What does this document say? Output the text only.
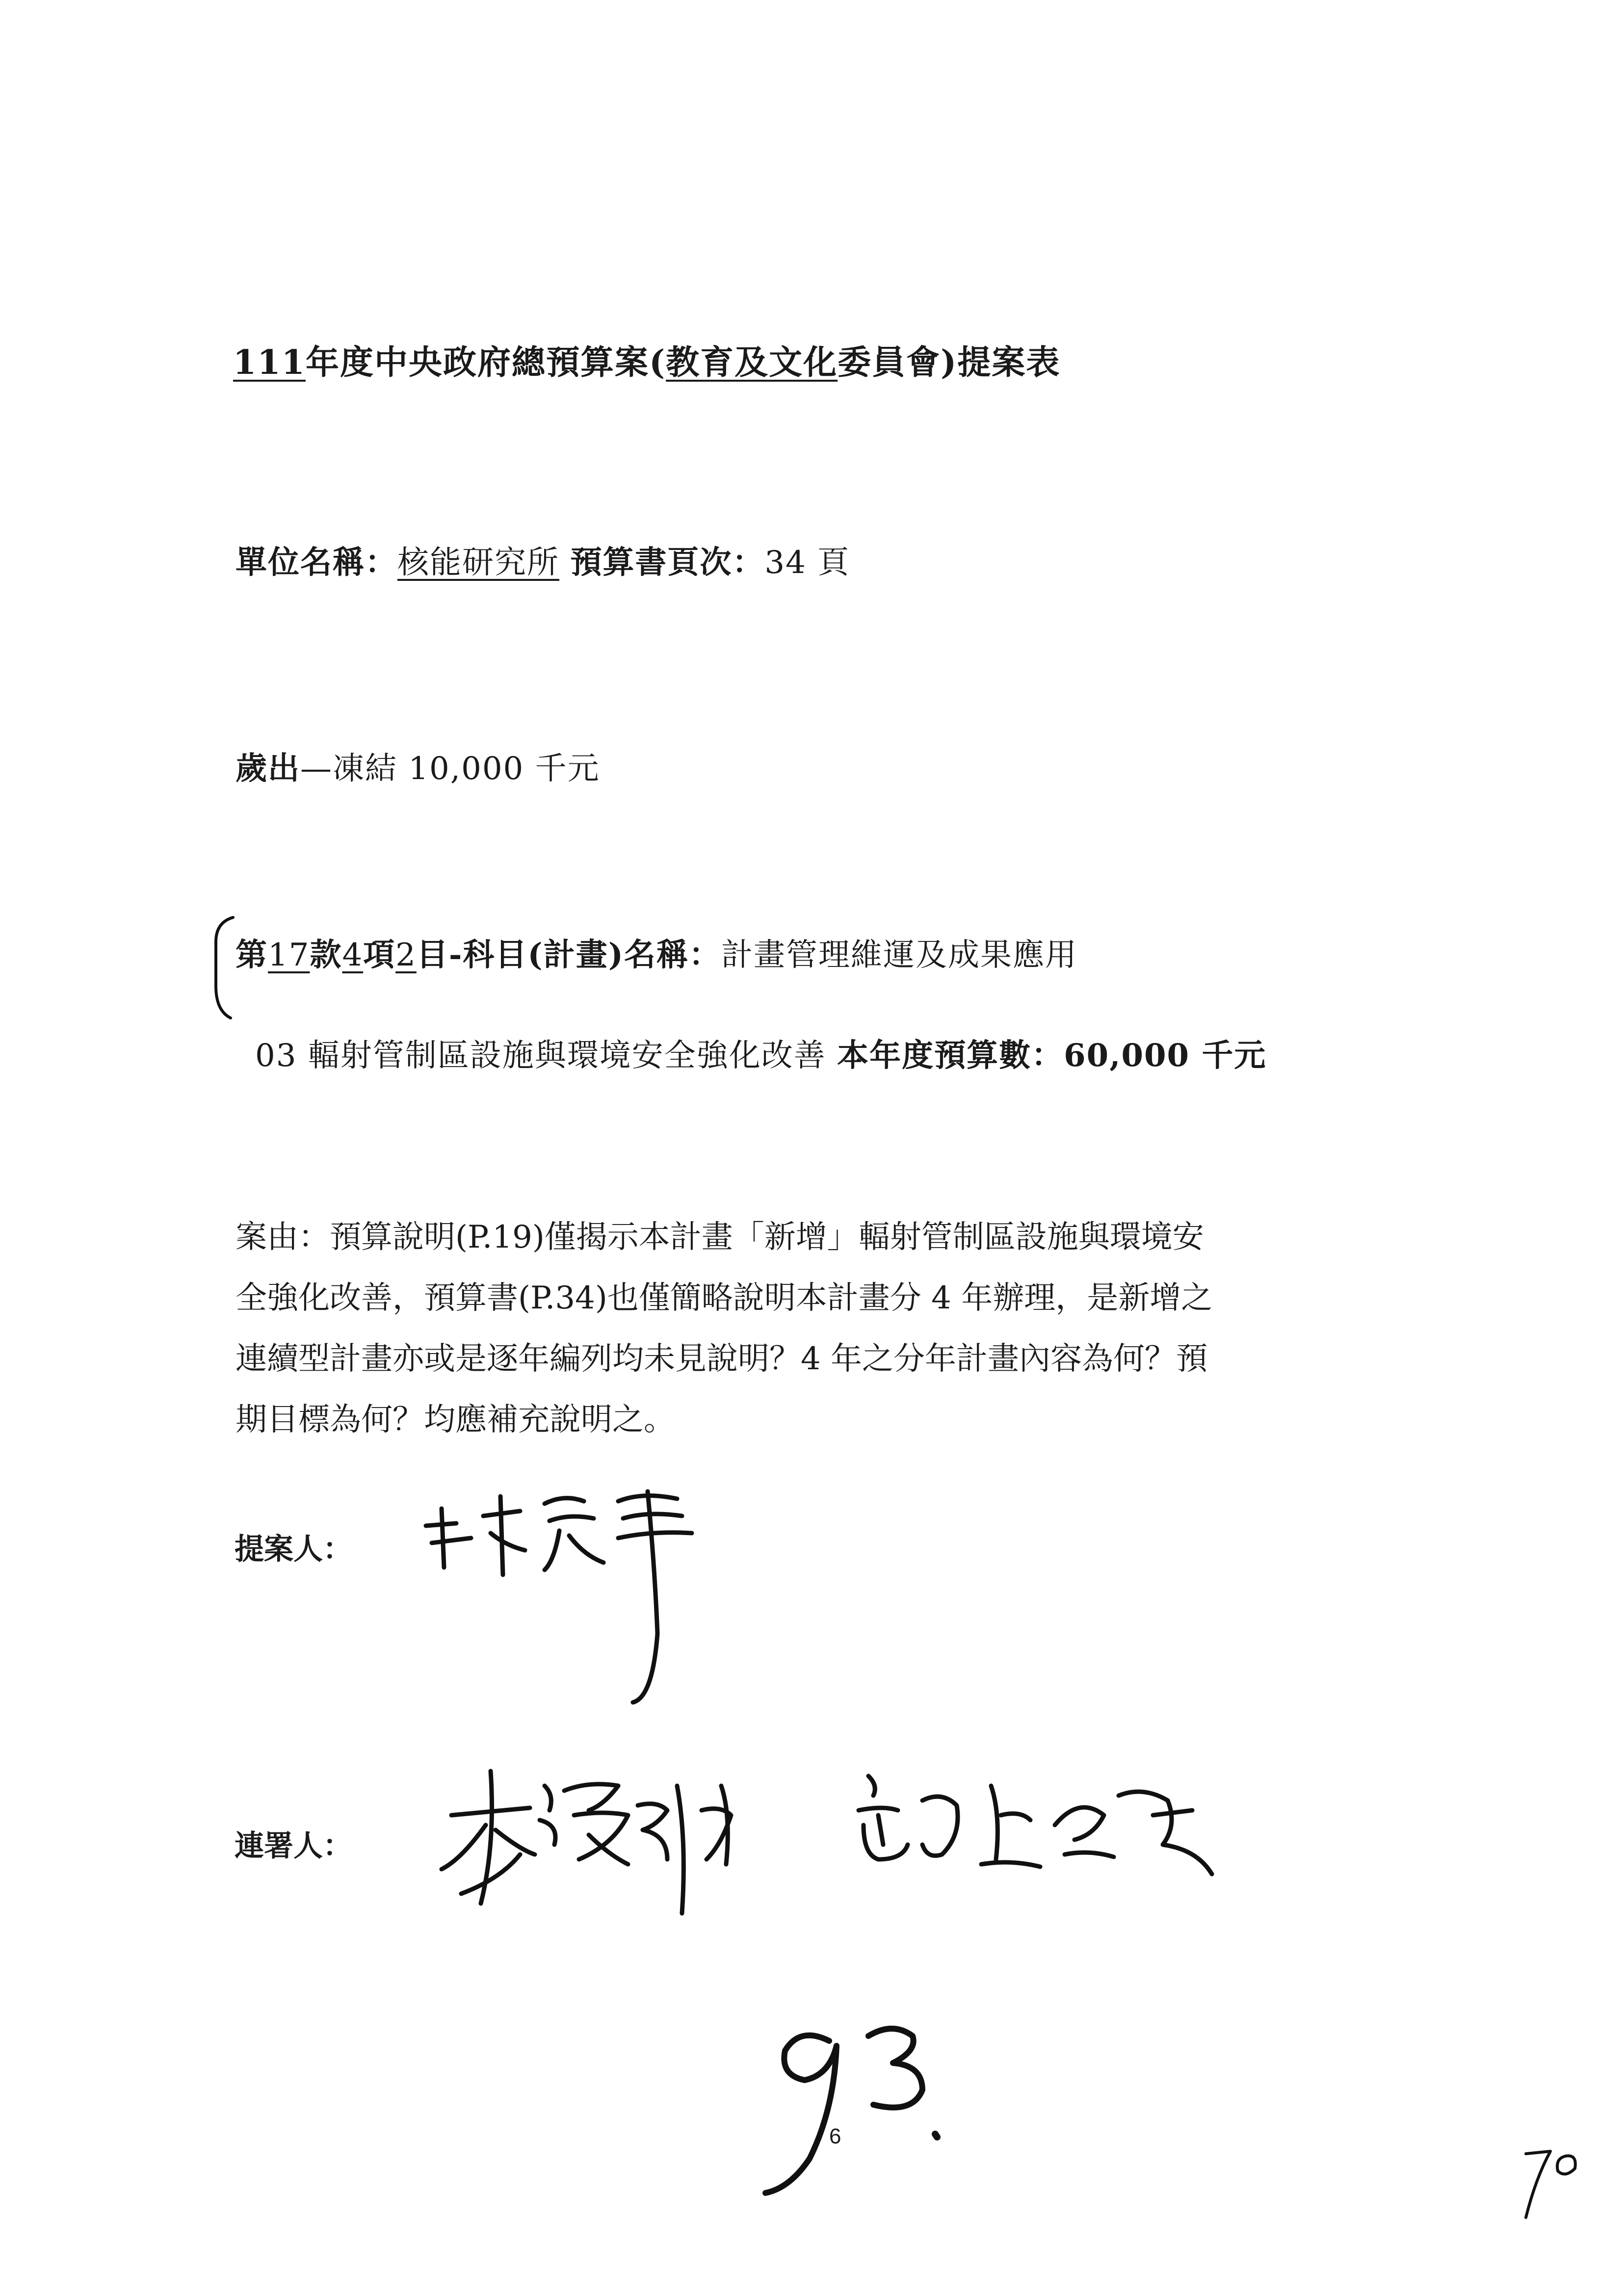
111年度中央政府總預算案(教育及文化委員會)提案表
單位名稱：核能研究所 預算書頁次：34 頁
歲出—凍結 10,000 千元
第17款4項2目-科目(計畫)名稱：計畫管理維運及成果應用
03 輻射管制區設施與環境安全強化改善 本年度預算數：60,000 千元

案由：預算說明(P.19)僅揭示本計畫「新增」輻射管制區設施與環境安

全強化改善，預算書(P.34)也僅簡略說明本計畫分 4 年辦理，是新增之

連續型計畫亦或是逐年編列均未見說明？4 年之分年計畫內容為何？預

期目標為何？均應補充說明之。

提案人：
連署人：
6
